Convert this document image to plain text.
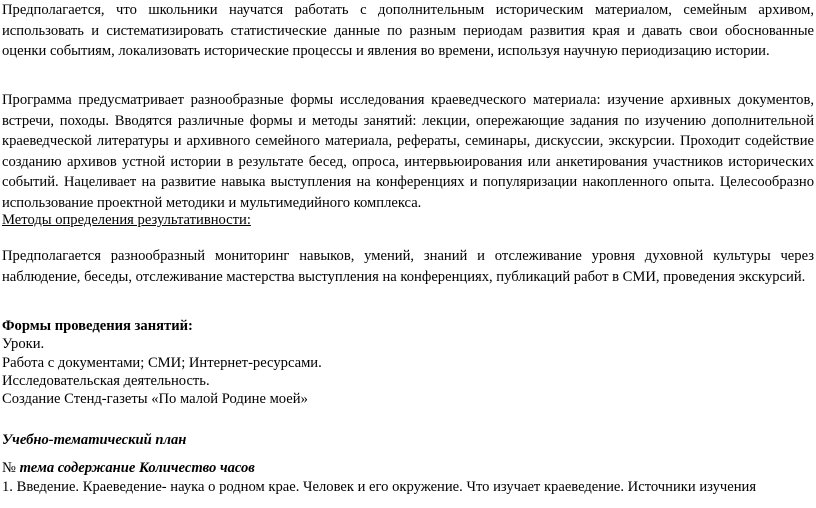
Предполагается, что школьники научатся работать с дополнительным историческим материалом, семейным архивом, использовать и систематизировать статистические данные по разным периодам развития края и давать свои обоснованные оценки событиям, локализовать исторические процессы и явления во времени, используя научную периодизацию истории.

Программа предусматривает разнообразные формы исследования краеведческого материала: изучение архивных документов, встречи, походы. Вводятся различные формы и методы занятий: лекции, опережающие задания по изучению дополнительной краеведческой литературы и архивного семейного материала, рефераты, семинары, дискуссии, экскурсии. Проходит содействие созданию архивов устной истории в результате бесед, опроса, интервьюирования или анкетирования участников исторических событий. Нацеливает на развитие навыка выступления на конференциях и популяризации накопленного опыта. Целесообразно использование проектной методики и мультимедийного комплекса.

Методы определения результативности:

Предполагается разнообразный мониторинг навыков, умений, знаний и отслеживание уровня духовной культуры через наблюдение, беседы, отслеживание мастерства выступления на конференциях, публикаций работ в СМИ, проведения экскурсий.

Формы проведения занятий:

Уроки.

Работа с документами; СМИ; Интернет-ресурсами.

Исследовательская деятельность.

Создание Стенд-газеты «По малой Родине моей»

Учебно-тематический план

№ тема содержание Количество часов

1. Введение. Краеведение- наука о родном крае. Человек и его окружение. Что изучает краеведение. Источники изучения
